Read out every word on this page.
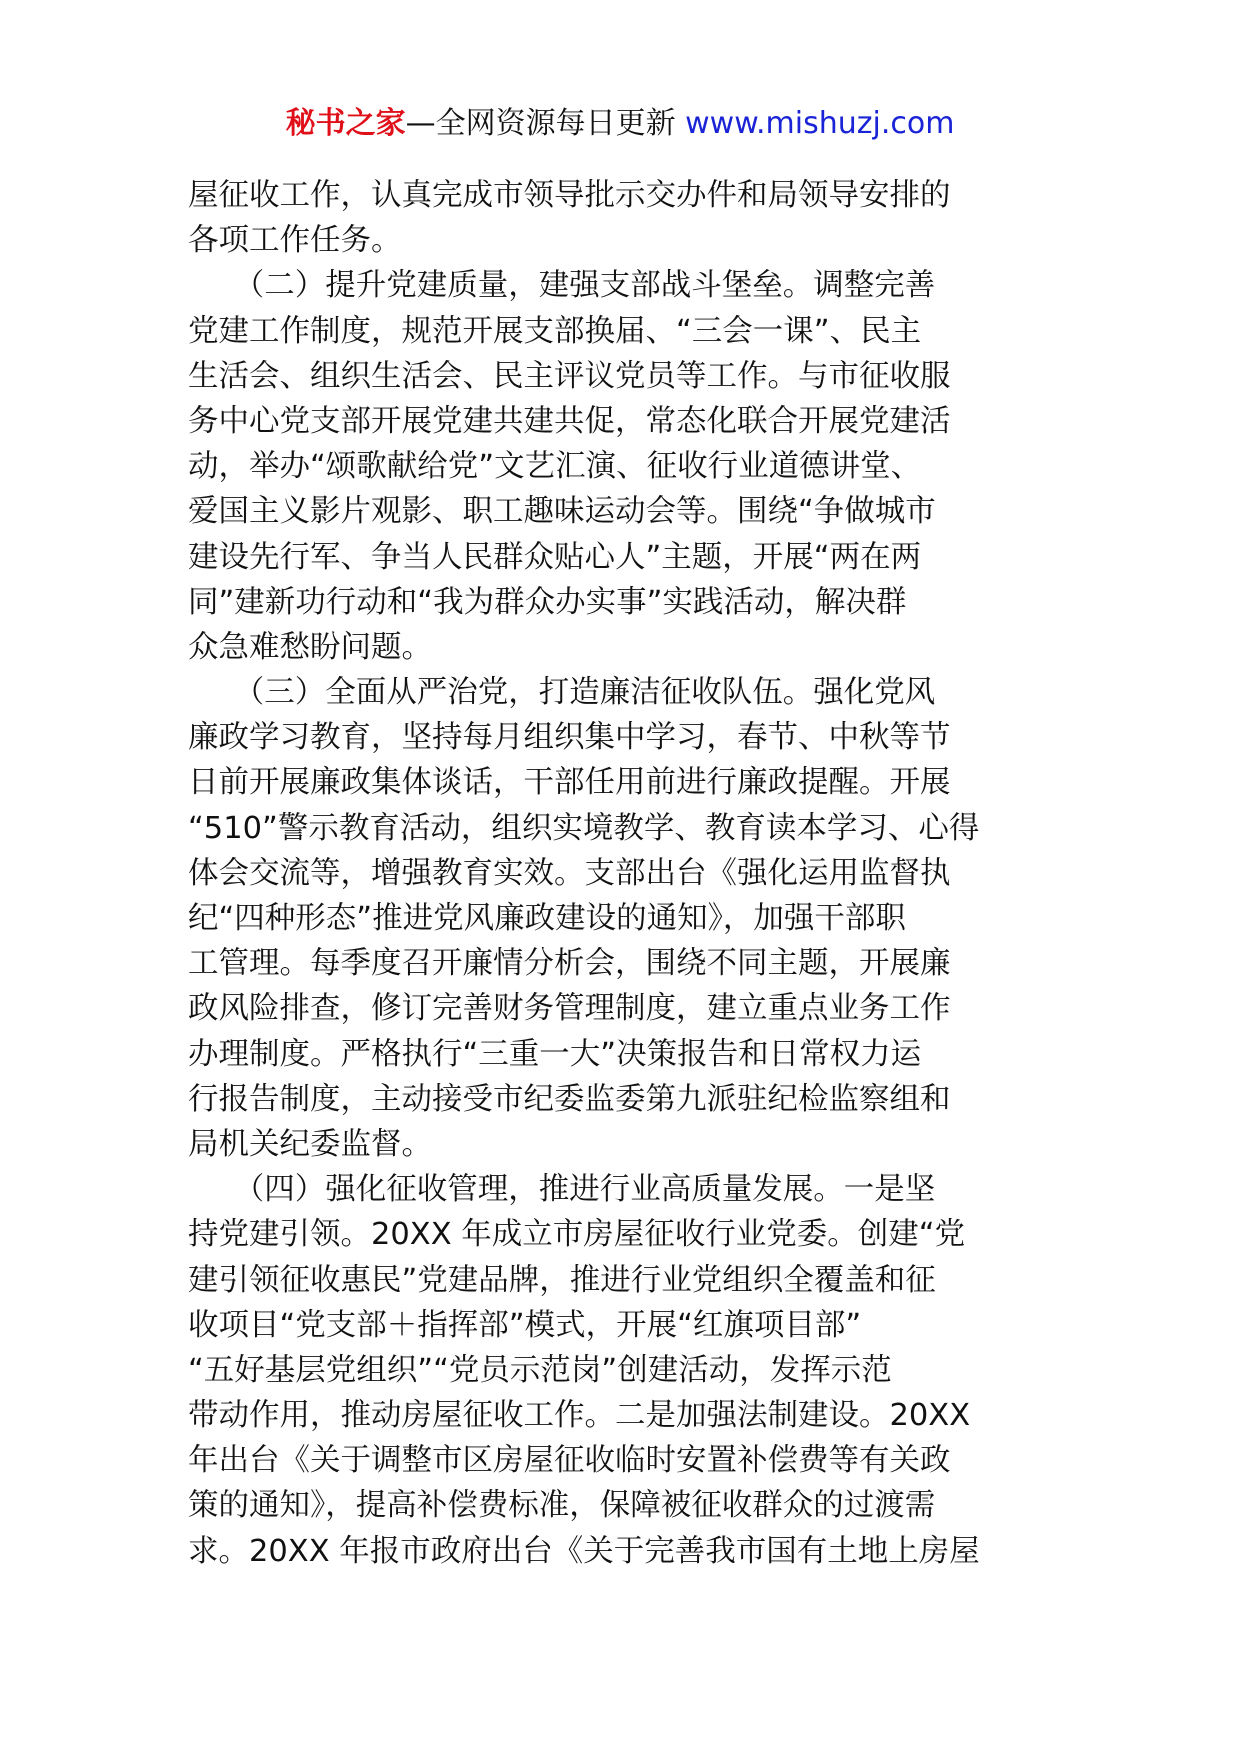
秘书之家—全网资源每日更新 www.mishuzj.com
屋征收工作，认真完成市领导批示交办件和局领导安排的
各项工作任务。
　　（二）提升党建质量，建强支部战斗堡垒。调整完善
党建工作制度，规范开展支部换届、“三会一课”、民主
生活会、组织生活会、民主评议党员等工作。与市征收服
务中心党支部开展党建共建共促，常态化联合开展党建活
动，举办“颂歌献给党”文艺汇演、征收行业道德讲堂、
爱国主义影片观影、职工趣味运动会等。围绕“争做城市
建设先行军、争当人民群众贴心人”主题，开展“两在两
同”建新功行动和“我为群众办实事”实践活动，解决群
众急难愁盼问题。
　　（三）全面从严治党，打造廉洁征收队伍。强化党风
廉政学习教育，坚持每月组织集中学习，春节、中秋等节
日前开展廉政集体谈话，干部任用前进行廉政提醒。开展
“510”警示教育活动，组织实境教学、教育读本学习、心得
体会交流等，增强教育实效。支部出台《强化运用监督执
纪“四种形态”推进党风廉政建设的通知》，加强干部职
工管理。每季度召开廉情分析会，围绕不同主题，开展廉
政风险排查，修订完善财务管理制度，建立重点业务工作
办理制度。严格执行“三重一大”决策报告和日常权力运
行报告制度，主动接受市纪委监委第九派驻纪检监察组和
局机关纪委监督。
　　（四）强化征收管理，推进行业高质量发展。一是坚
持党建引领。20XX 年成立市房屋征收行业党委。创建“党
建引领征收惠民”党建品牌，推进行业党组织全覆盖和征
收项目“党支部＋指挥部”模式，开展“红旗项目部”
“五好基层党组织”“党员示范岗”创建活动，发挥示范
带动作用，推动房屋征收工作。二是加强法制建设。20XX
年出台《关于调整市区房屋征收临时安置补偿费等有关政
策的通知》，提高补偿费标准，保障被征收群众的过渡需
求。20XX 年报市政府出台《关于完善我市国有土地上房屋
